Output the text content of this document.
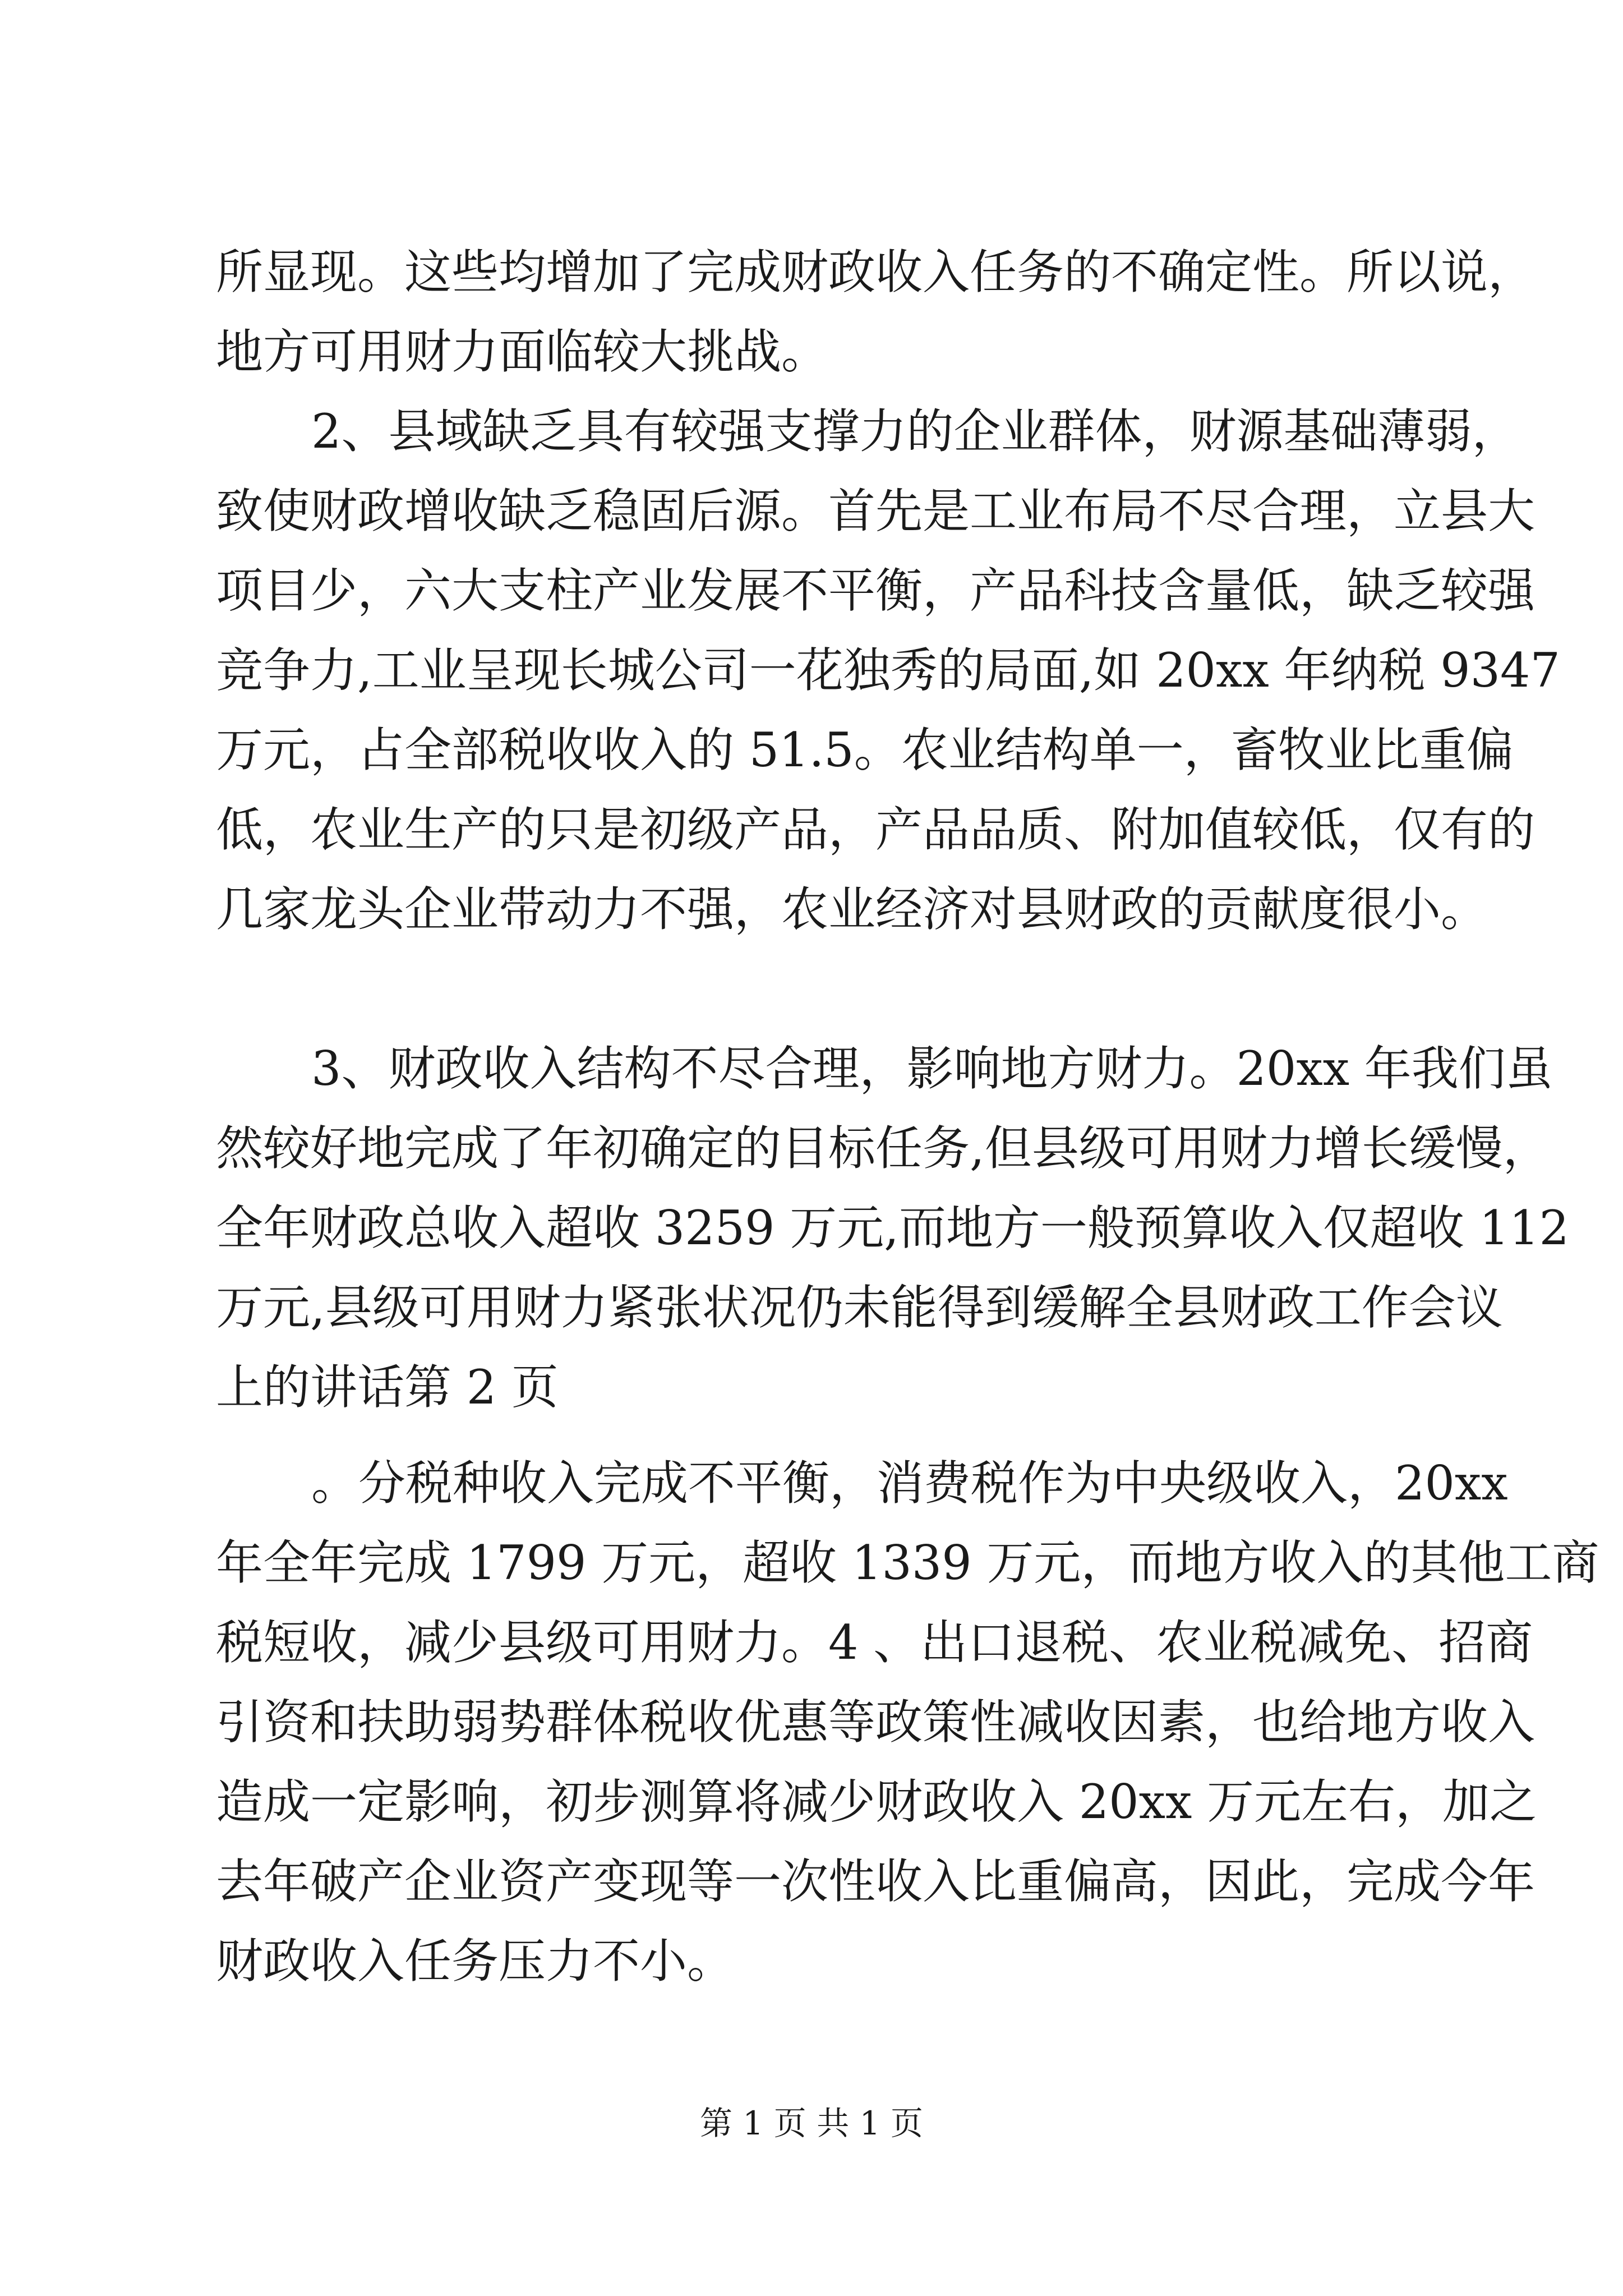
所显现。这些均增加了完成财政收入任务的不确定性。所以说，
地方可用财力面临较大挑战。
2、县域缺乏具有较强支撑力的企业群体，财源基础薄弱，
致使财政增收缺乏稳固后源。首先是工业布局不尽合理，立县大
项目少，六大支柱产业发展不平衡，产品科技含量低，缺乏较强
竞争力,工业呈现长城公司一花独秀的局面,如 20xx 年纳税 9347
万元，占全部税收收入的 51.5。农业结构单一，畜牧业比重偏
低，农业生产的只是初级产品，产品品质、附加值较低，仅有的
几家龙头企业带动力不强，农业经济对县财政的贡献度很小。
3、财政收入结构不尽合理，影响地方财力。20xx 年我们虽
然较好地完成了年初确定的目标任务,但县级可用财力增长缓慢，
全年财政总收入超收 3259 万元,而地方一般预算收入仅超收 112
万元,县级可用财力紧张状况仍未能得到缓解全县财政工作会议
上的讲话第 2 页
。分税种收入完成不平衡，消费税作为中央级收入，20xx
年全年完成 1799 万元，超收 1339 万元，而地方收入的其他工商
税短收，减少县级可用财力。4 、出口退税、农业税减免、招商
引资和扶助弱势群体税收优惠等政策性减收因素，也给地方收入
造成一定影响，初步测算将减少财政收入 20xx 万元左右，加之
去年破产企业资产变现等一次性收入比重偏高，因此，完成今年
财政收入任务压力不小。
第 1 页 共 1 页
